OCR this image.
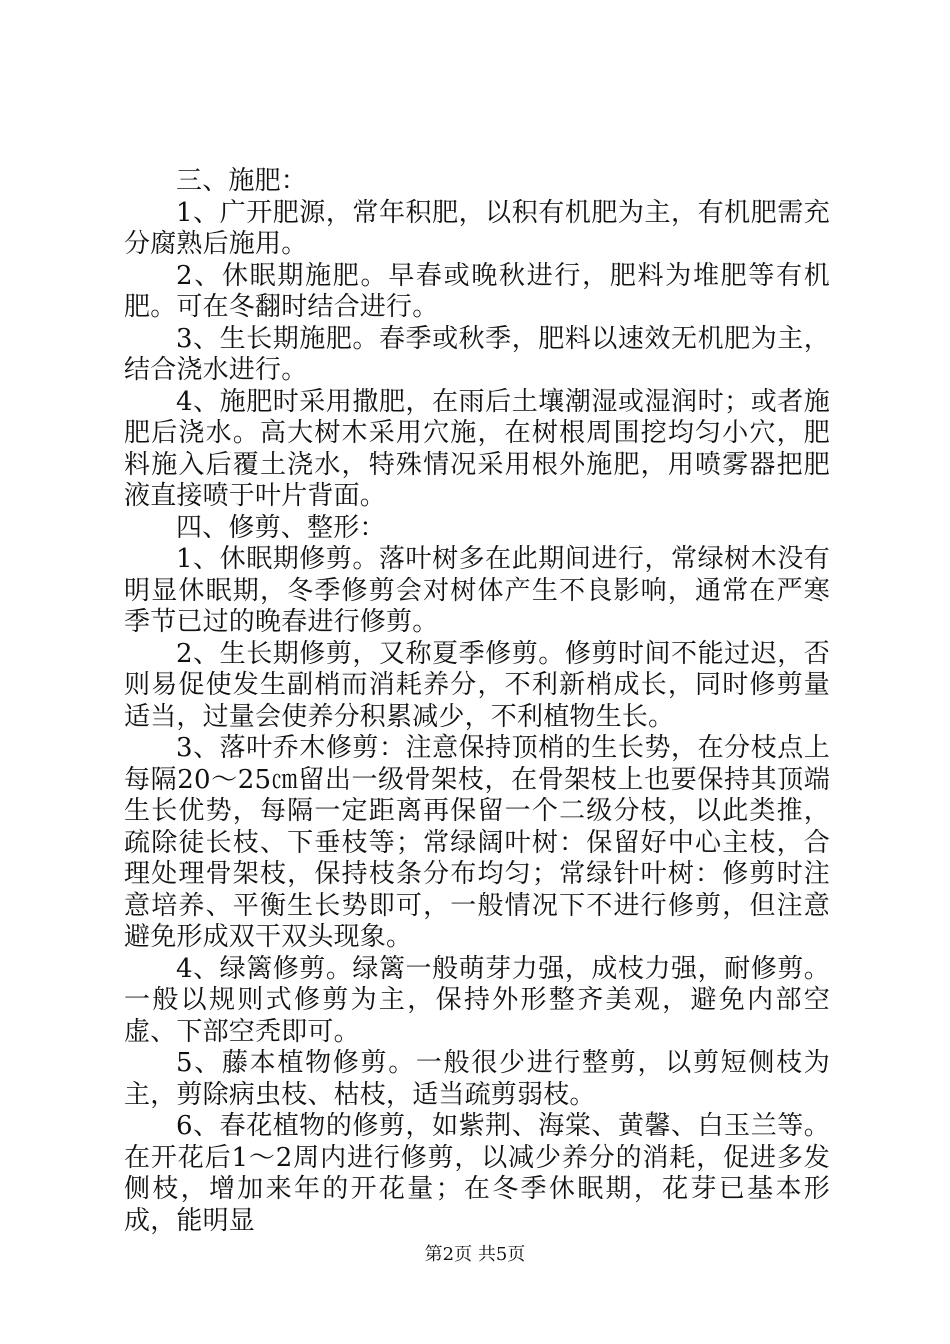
三、施肥：

1、广开肥源，常年积肥，以积有机肥为主，有机肥需充分腐熟后施用。

2、休眠期施肥。早春或晚秋进行，肥料为堆肥等有机肥。可在冬翻时结合进行。

3、生长期施肥。春季或秋季，肥料以速效无机肥为主，结合浇水进行。

4、施肥时采用撒肥，在雨后土壤潮湿或湿润时；或者施肥后浇水。高大树木采用穴施，在树根周围挖均匀小穴，肥料施入后覆土浇水，特殊情况采用根外施肥，用喷雾器把肥液直接喷于叶片背面。

四、修剪、整形：

1、休眠期修剪。落叶树多在此期间进行，常绿树木没有明显休眠期，冬季修剪会对树体产生不良影响，通常在严寒季节已过的晚春进行修剪。

2、生长期修剪，又称夏季修剪。修剪时间不能过迟，否则易促使发生副梢而消耗养分，不利新梢成长，同时修剪量适当，过量会使养分积累减少，不利植物生长。

3、落叶乔木修剪：注意保持顶梢的生长势，在分枝点上每隔20～25㎝留出一级骨架枝，在骨架枝上也要保持其顶端生长优势，每隔一定距离再保留一个二级分枝，以此类推，疏除徒长枝、下垂枝等；常绿阔叶树：保留好中心主枝，合理处理骨架枝，保持枝条分布均匀；常绿针叶树：修剪时注意培养、平衡生长势即可，一般情况下不进行修剪，但注意避免形成双干双头现象。

4、绿篱修剪。绿篱一般萌芽力强，成枝力强，耐修剪。一般以规则式修剪为主，保持外形整齐美观，避免内部空虚、下部空秃即可。

5、藤本植物修剪。一般很少进行整剪，以剪短侧枝为主，剪除病虫枝、枯枝，适当疏剪弱枝。

6、春花植物的修剪，如紫荆、海棠、黄馨、白玉兰等。在开花后1～2周内进行修剪，以减少养分的消耗，促进多发侧枝，增加来年的开花量；在冬季休眠期，花芽已基本形成，能明显

第2页 共5页
